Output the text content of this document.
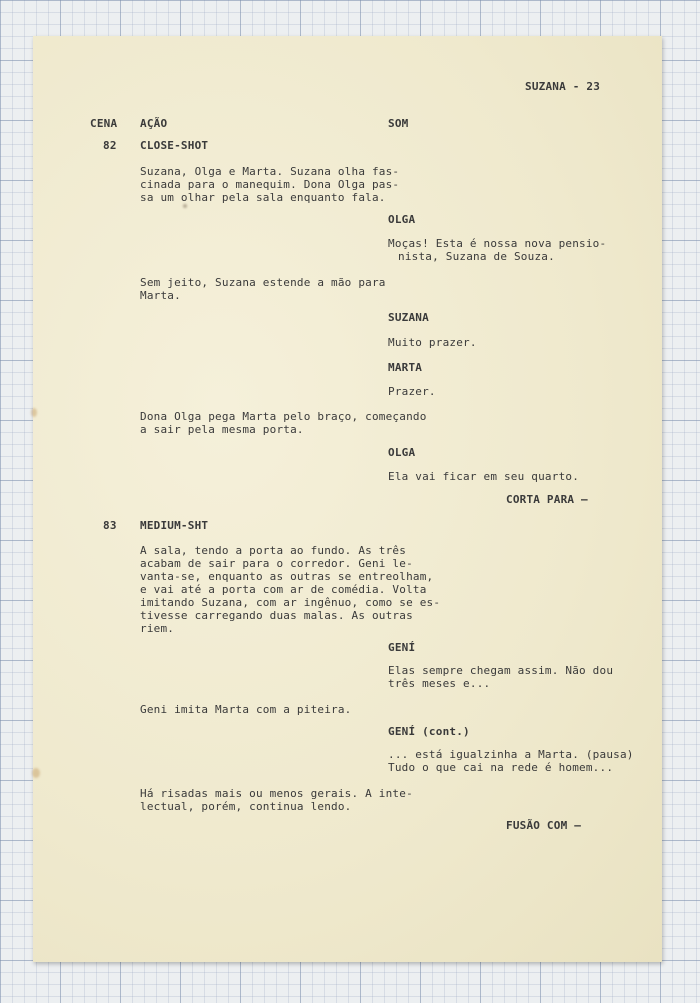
SUZANA - 23
CENA AÇÃO	SOM
82 CLOSE-SHOT
Suzana, Olga e Marta. Suzana olha fas-
cinada para o manequim. Dona Olga pas-
sa um olhar pela sala enquanto fala.
OLGA
Moças! Esta é nossa nova pensio-
nista, Suzana de Souza.
Sem jeito, Suzana estende a mão para
Marta.
SUZANA
Muito prazer.
MARTA
Prazer.
Dona Olga pega Marta pelo braço, começando
a sair pela mesma porta.
OLGA
Ela vai ficar em seu quarto.
CORTA PARA —
83 MEDIUM-SHT
A sala, tendo a porta ao fundo. As três
acabam de sair para o corredor. Geni le-
vanta-se, enquanto as outras se entreolham,
e vai até a porta com ar de comédia. Volta
imitando Suzana, com ar ingênuo, como se es-
tivesse carregando duas malas. As outras
riem.
GENÍ
Elas sempre chegam assim. Não dou
três meses e...
Geni imita Marta com a piteira.
GENÍ (cont.)
... está igualzinha a Marta. (pausa)
Tudo o que cai na rede é homem...
Há risadas mais ou menos gerais. A inte-
lectual, porém, continua lendo.
FUSÃO COM —
